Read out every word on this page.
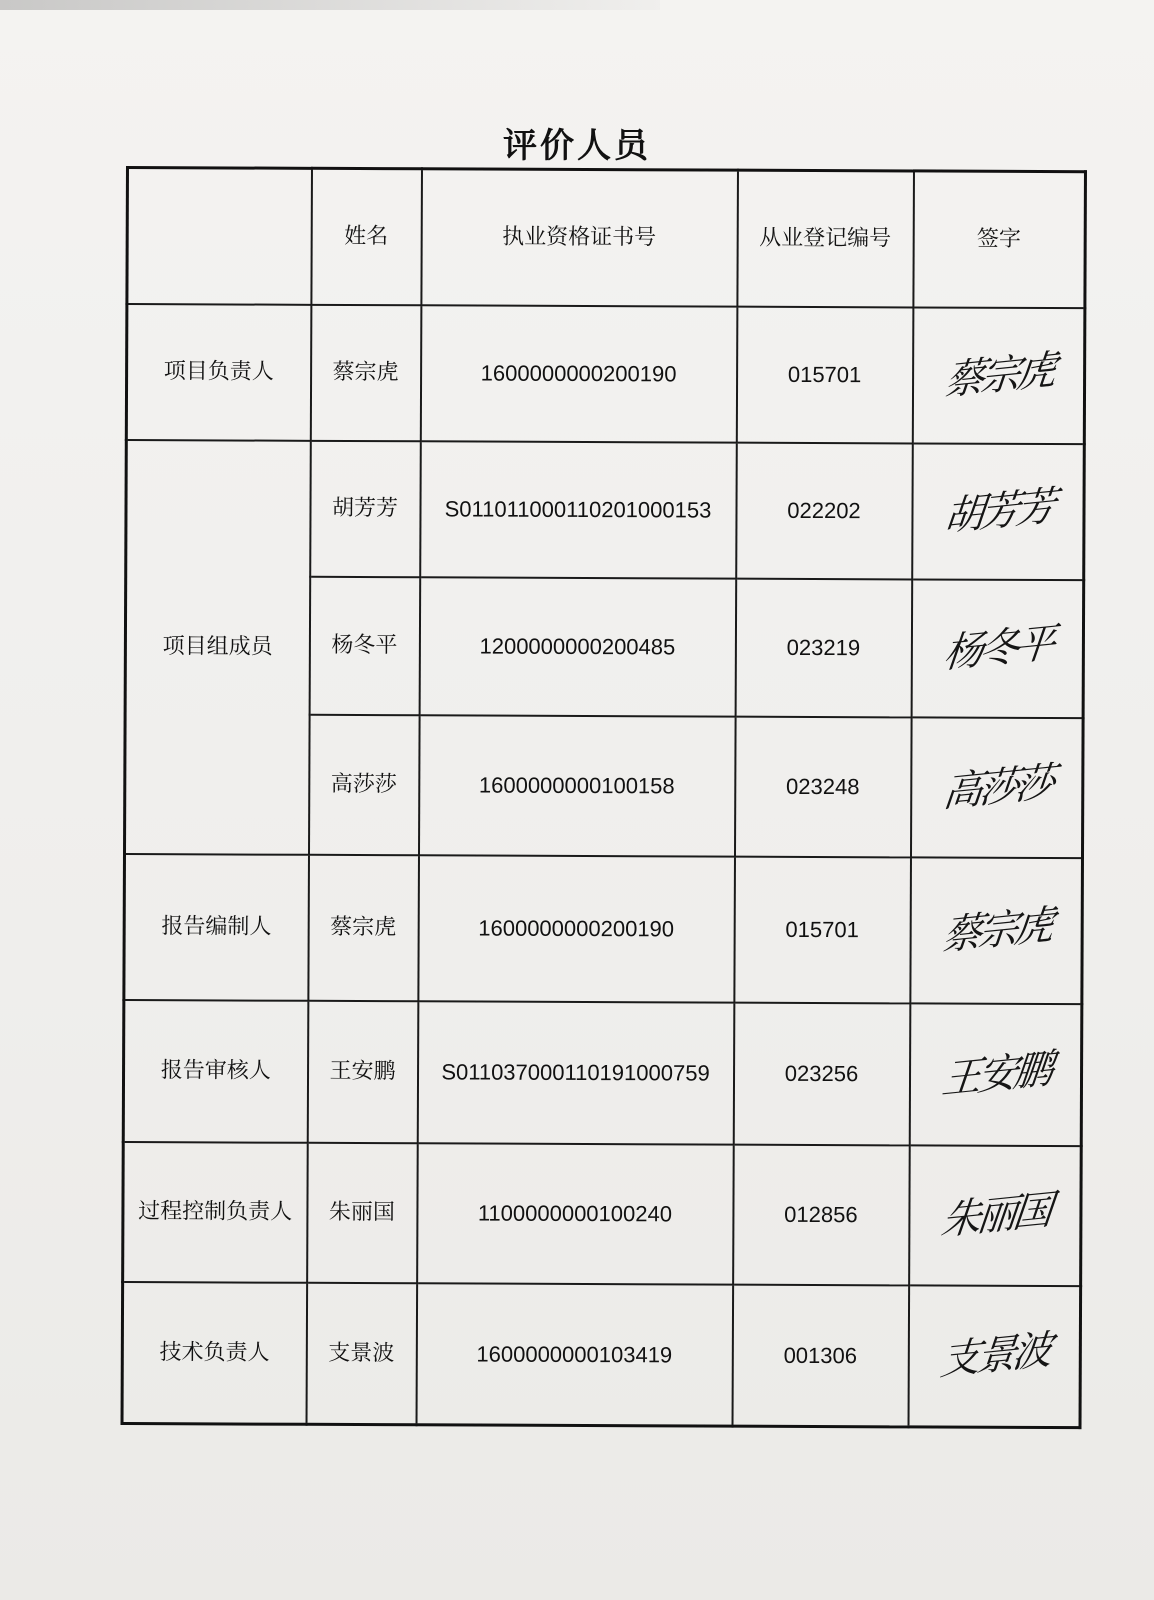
评价人员
	姓名	执业资格证书号	从业登记编号	签字
项目负责人	蔡宗虎	1600000000200190	015701	蔡宗虎

项目组成员	胡芳芳	S011011000110201000153	022202	胡芳芳

	杨冬平	1200000000200485	023219	杨冬平

	高莎莎	1600000000100158	023248	高莎莎

报告编制人	蔡宗虎	1600000000200190	015701	蔡宗虎

报告审核人	王安鹏	S011037000110191000759	023256	王安鹏

过程控制负责人	朱丽国	1100000000100240	012856	朱丽国

技术负责人	支景波	1600000000103419	001306	支景波
